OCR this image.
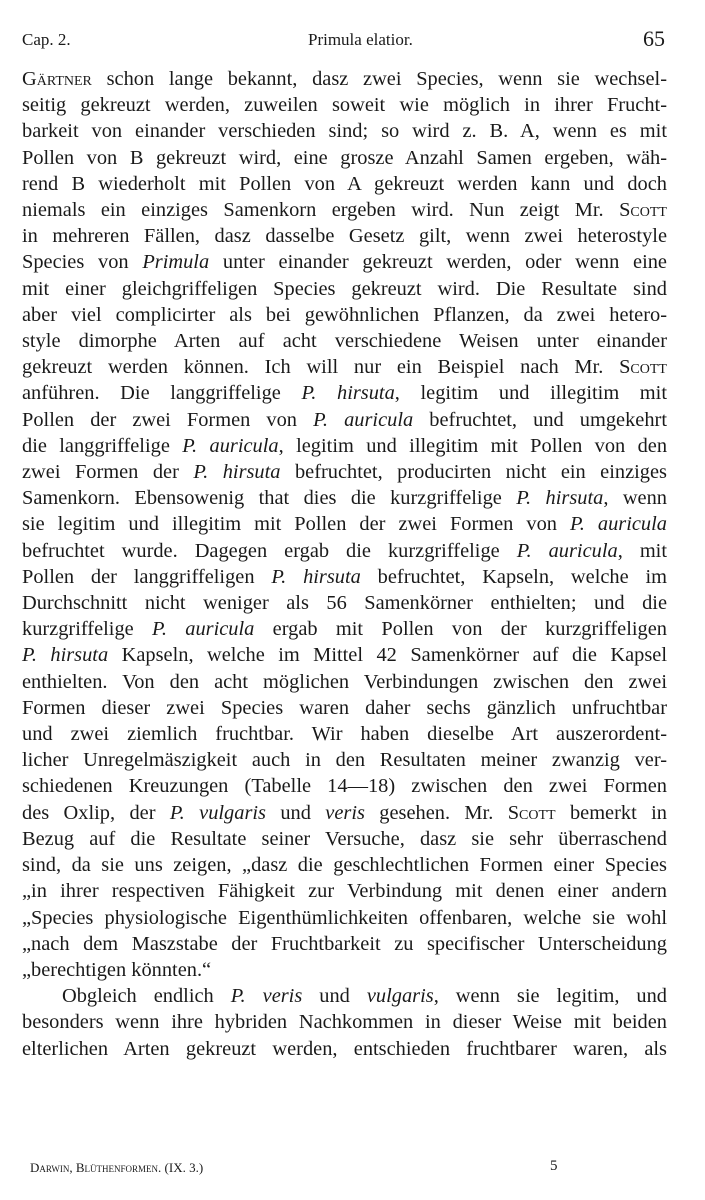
Cap. 2.	Primula elatior.	65
Gärtner schon lange bekannt, dasz zwei Species, wenn sie wechsel-
seitig gekreuzt werden, zuweilen soweit wie möglich in ihrer Frucht-
barkeit von einander verschieden sind; so wird z. B. A, wenn es mit
Pollen von B gekreuzt wird, eine grosze Anzahl Samen ergeben, wäh-
rend B wiederholt mit Pollen von A gekreuzt werden kann und doch
niemals ein einziges Samenkorn ergeben wird. Nun zeigt Mr. Scott
in mehreren Fällen, dasz dasselbe Gesetz gilt, wenn zwei heterostyle
Species von Primula unter einander gekreuzt werden, oder wenn eine
mit einer gleichgriffeligen Species gekreuzt wird. Die Resultate sind
aber viel complicirter als bei gewöhnlichen Pflanzen, da zwei hetero-
style dimorphe Arten auf acht verschiedene Weisen unter einander
gekreuzt werden können. Ich will nur ein Beispiel nach Mr. Scott
anführen. Die langgriffelige P. hirsuta, legitim und illegitim mit
Pollen der zwei Formen von P. auricula befruchtet, und umgekehrt
die langgriffelige P. auricula, legitim und illegitim mit Pollen von den
zwei Formen der P. hirsuta befruchtet, producirten nicht ein einziges
Samenkorn. Ebensowenig that dies die kurzgriffelige P. hirsuta, wenn
sie legitim und illegitim mit Pollen der zwei Formen von P. auricula
befruchtet wurde. Dagegen ergab die kurzgriffelige P. auricula, mit
Pollen der langgriffeligen P. hirsuta befruchtet, Kapseln, welche im
Durchschnitt nicht weniger als 56 Samenkörner enthielten; und die
kurzgriffelige P. auricula ergab mit Pollen von der kurzgriffeligen
P. hirsuta Kapseln, welche im Mittel 42 Samenkörner auf die Kapsel
enthielten. Von den acht möglichen Verbindungen zwischen den zwei
Formen dieser zwei Species waren daher sechs gänzlich unfruchtbar
und zwei ziemlich fruchtbar. Wir haben dieselbe Art auszerordent-
licher Unregelmäszigkeit auch in den Resultaten meiner zwanzig ver-
schiedenen Kreuzungen (Tabelle 14—18) zwischen den zwei Formen
des Oxlip, der P. vulgaris und veris gesehen. Mr. Scott bemerkt in
Bezug auf die Resultate seiner Versuche, dasz sie sehr überraschend
sind, da sie uns zeigen, „dasz die geschlechtlichen Formen einer Species
„in ihrer respectiven Fähigkeit zur Verbindung mit denen einer andern
„Species physiologische Eigenthümlichkeiten offenbaren, welche sie wohl
„nach dem Maszstabe der Fruchtbarkeit zu specifischer Unterscheidung
„berechtigen könnten.“
Obgleich endlich P. veris und vulgaris, wenn sie legitim, und
besonders wenn ihre hybriden Nachkommen in dieser Weise mit beiden
elterlichen Arten gekreuzt werden, entschieden fruchtbarer waren, als
Darwin, Blüthenformen. (IX. 3.)	5
